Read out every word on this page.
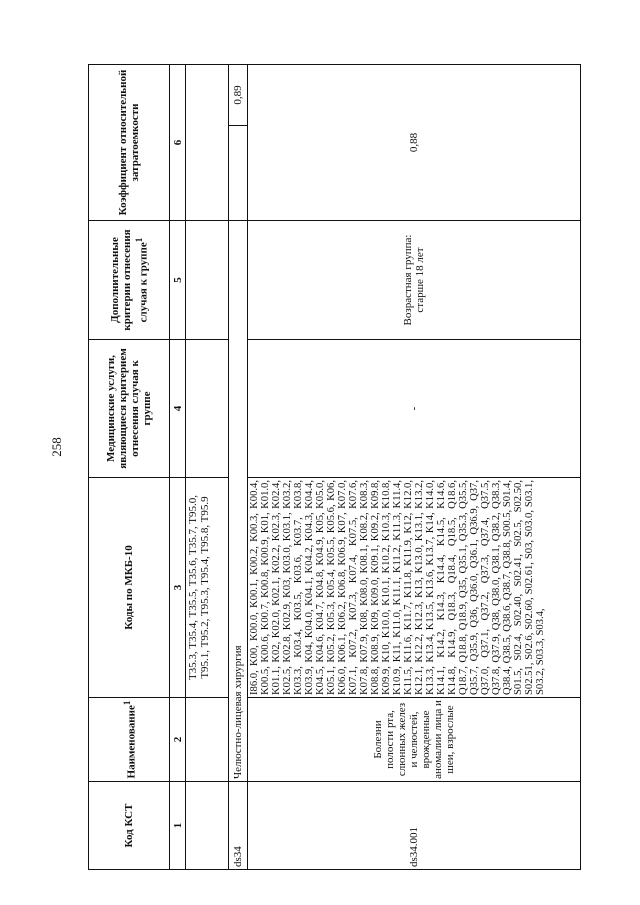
258
Код КСТ	Наименование$^1$	Коды по МКБ-10	Медицинские услуги, являющиеся критерием отнесения случая к группе	Дополнительные критерии отнесения случая к группе$^1$	Коэффициент относительной затратоемкости	
1	2	3	4	5	6	
		T35.3, T35.4, T35.5, T35.6, T35.7, T95.0, T95.1, T95.2, T95.3, T95.4, T95.8, T95.9				
ds34	Челюстно-лицевая хирургия					0,89
ds34.001	Болезни полости рта, слюнных желез и челюстей, врожденные аномалии лица и шеи, взрослые	I86.0, K00, K00.0, K00.1, K00.2, K00.3, K00.4, K00.5, K00.6, K00.7, K00.8, K00.9, K01, K01.0, K01.1, K02, K02.0, K02.1, K02.2, K02.3, K02.4, K02.5, K02.8, K02.9, K03, K03.0, K03.1, K03.2, K03.3, K03.4, K03.5, K03.6, K03.7, K03.8, K03.9, K04, K04.0, K04.1, K04.2, K04.3, K04.4, K04.5, K04.6, K04.7, K04.8, K04.9, K05, K05.0, K05.1, K05.2, K05.3, K05.4, K05.5, K05.6, K06, K06.0, K06.1, K06.2, K06.8, K06.9, K07, K07.0, K07.1, K07.2, K07.3, K07.4, K07.5, K07.6, K07.8, K07.9, K08, K08.0, K08.1, K08.2, K08.3, K08.8, K08.9, K09, K09.0, K09.1, K09.2, K09.8, K09.9, K10, K10.0, K10.1, K10.2, K10.3, K10.8, K10.9, K11, K11.0, K11.1, K11.2, K11.3, K11.4, K11.5, K11.6, K11.7, K11.8, K11.9, K12, K12.0, K12.1, K12.2, K12.3, K13, K13.0, K13.1, K13.2, K13.3, K13.4, K13.5, K13.6, K13.7, K14, K14.0, K14.1, K14.2, K14.3, K14.4, K14.5, K14.6, K14.8, K14.9, Q18.3, Q18.4, Q18.5, Q18.6, Q18.7, Q18.8, Q18.9, Q35, Q35.1, Q35.3, Q35.5, Q35.7, Q35.9, Q36, Q36.0, Q36.1, Q36.9, Q37, Q37.0, Q37.1, Q37.2, Q37.3, Q37.4, Q37.5, Q37.8, Q37.9, Q38, Q38.0, Q38.1, Q38.2, Q38.3, Q38.4, Q38.5, Q38.6, Q38.7, Q38.8, S00.5, S01.4, S01.5, S02.4, S02.40, S02.41, S02.5, S02.50, S02.51, S02.6, S02.60, S02.61, S03, S03.0, S03.1, S03.2, S03.3, S03.4,	-	Возрастная группа: старше 18 лет	0,88	
